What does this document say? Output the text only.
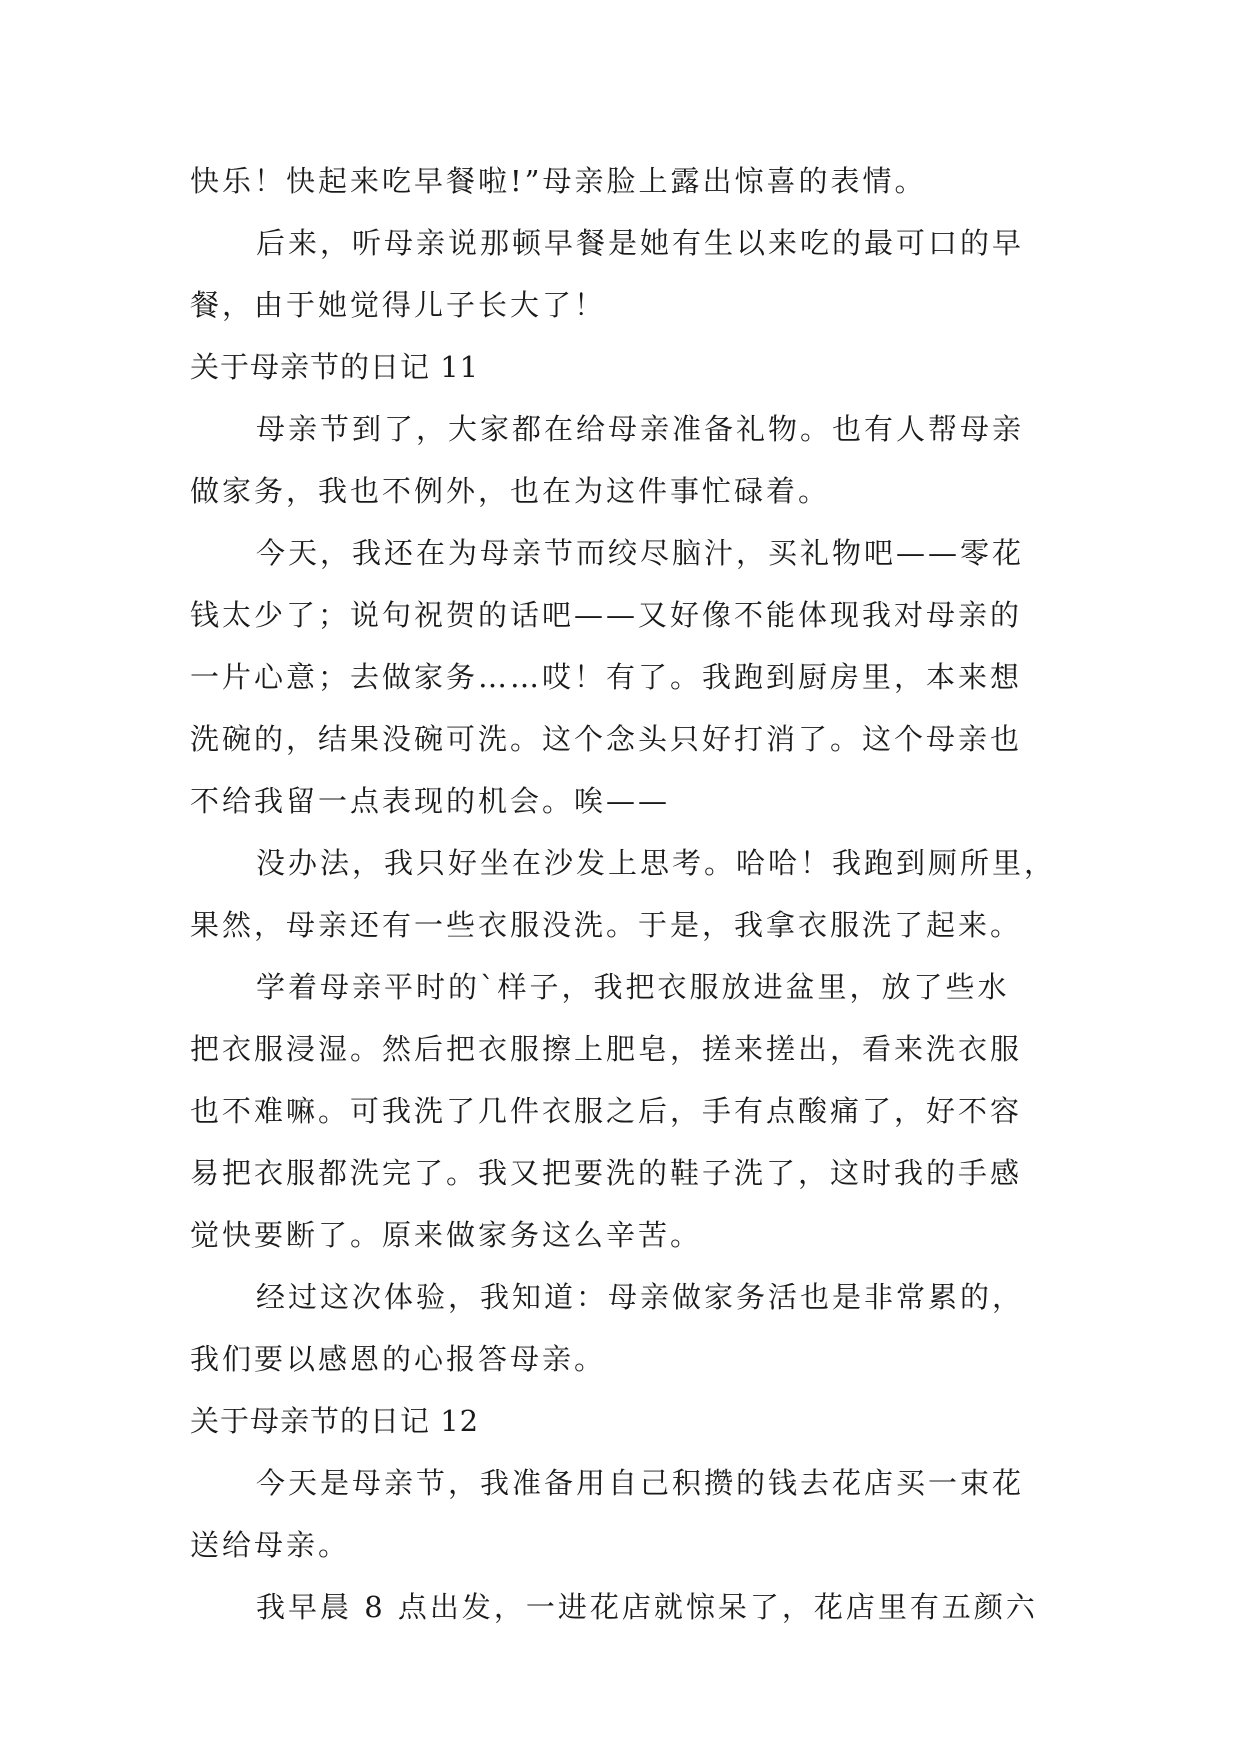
快乐！快起来吃早餐啦!”母亲脸上露出惊喜的表情。

后来，听母亲说那顿早餐是她有生以来吃的最可口的早

餐，由于她觉得儿子长大了！

关于母亲节的日记 11

母亲节到了，大家都在给母亲准备礼物。也有人帮母亲

做家务，我也不例外，也在为这件事忙碌着。

今天，我还在为母亲节而绞尽脑汁，买礼物吧——零花

钱太少了；说句祝贺的话吧——又好像不能体现我对母亲的

一片心意；去做家务……哎！有了。我跑到厨房里，本来想

洗碗的，结果没碗可洗。这个念头只好打消了。这个母亲也

不给我留一点表现的机会。唉——

没办法，我只好坐在沙发上思考。哈哈！我跑到厕所里，

果然，母亲还有一些衣服没洗。于是，我拿衣服洗了起来。

学着母亲平时的`样子，我把衣服放进盆里，放了些水

把衣服浸湿。然后把衣服擦上肥皂，搓来搓出，看来洗衣服

也不难嘛。可我洗了几件衣服之后，手有点酸痛了，好不容

易把衣服都洗完了。我又把要洗的鞋子洗了，这时我的手感

觉快要断了。原来做家务这么辛苦。

经过这次体验，我知道：母亲做家务活也是非常累的，

我们要以感恩的心报答母亲。

关于母亲节的日记 12

今天是母亲节，我准备用自己积攒的钱去花店买一束花

送给母亲。

我早晨 8 点出发，一进花店就惊呆了，花店里有五颜六
